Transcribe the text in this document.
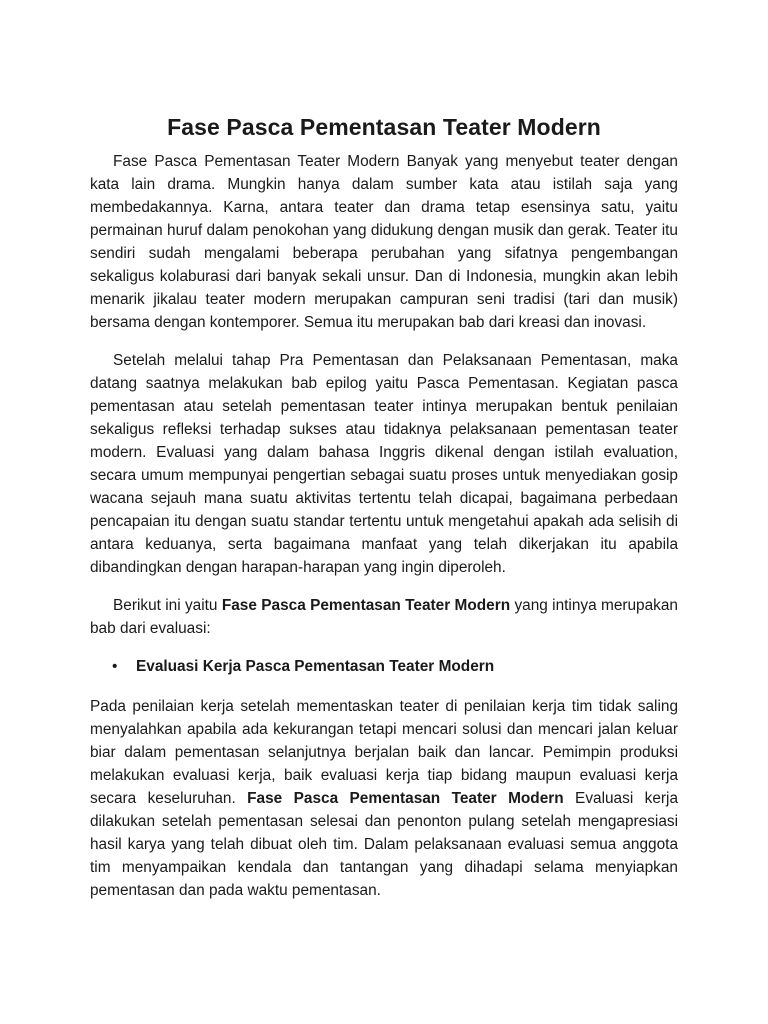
Fase Pasca Pementasan Teater Modern

Fase Pasca Pementasan Teater Modern Banyak yang menyebut teater dengan kata lain drama. Mungkin hanya dalam sumber kata atau istilah saja yang membedakannya. Karna, antara teater dan drama tetap esensinya satu, yaitu permainan huruf dalam penokohan yang didukung dengan musik dan gerak. Teater itu sendiri sudah mengalami beberapa perubahan yang sifatnya pengembangan sekaligus kolaburasi dari banyak sekali unsur. Dan di Indonesia, mungkin akan lebih menarik jikalau teater modern merupakan campuran seni tradisi (tari dan musik) bersama dengan kontemporer. Semua itu merupakan bab dari kreasi dan inovasi.

Setelah melalui tahap Pra Pementasan dan Pelaksanaan Pementasan, maka datang saatnya melakukan bab epilog yaitu Pasca Pementasan. Kegiatan pasca pementasan atau setelah pementasan teater intinya merupakan bentuk penilaian sekaligus refleksi terhadap sukses atau tidaknya pelaksanaan pementasan teater modern. Evaluasi yang dalam bahasa Inggris dikenal dengan istilah evaluation, secara umum mempunyai pengertian sebagai suatu proses untuk menyediakan gosip wacana sejauh mana suatu aktivitas tertentu telah dicapai, bagaimana perbedaan pencapaian itu dengan suatu standar tertentu untuk mengetahui apakah ada selisih di antara keduanya, serta bagaimana manfaat yang telah dikerjakan itu apabila dibandingkan dengan harapan-harapan yang ingin diperoleh.

Berikut ini yaitu Fase Pasca Pementasan Teater Modern yang intinya merupakan bab dari evaluasi:

•	Evaluasi Kerja Pasca Pementasan Teater Modern

Pada penilaian kerja setelah mementaskan teater di penilaian kerja tim tidak saling menyalahkan apabila ada kekurangan tetapi mencari solusi dan mencari jalan keluar biar dalam pementasan selanjutnya berjalan baik dan lancar. Pemimpin produksi melakukan evaluasi kerja, baik evaluasi kerja tiap bidang maupun evaluasi kerja secara keseluruhan. Fase Pasca Pementasan Teater Modern Evaluasi kerja dilakukan setelah pementasan selesai dan penonton pulang setelah mengapresiasi hasil karya yang telah dibuat oleh tim. Dalam pelaksanaan evaluasi semua anggota tim menyampaikan kendala dan tantangan yang dihadapi selama menyiapkan pementasan dan pada waktu pementasan.
